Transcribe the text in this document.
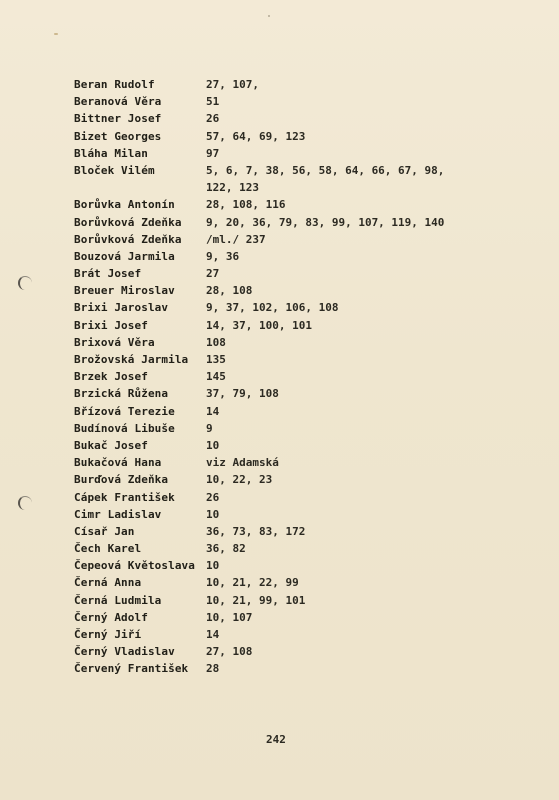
Beran Rudolf	27, 107,
Beranová Věra	51
Bittner Josef	26
Bizet Georges	57, 64, 69, 123
Bláha Milan	97
Bloček Vilém	5, 6, 7, 38, 56, 58, 64, 66, 67, 98,
122, 123
Borůvka Antonín	28, 108, 116
Borůvková Zdeňka	9, 20, 36, 79, 83, 99, 107, 119, 140
Borůvková Zdeňka	/ml./ 237
Bouzová Jarmila	9, 36
Brát Josef	27
Breuer Miroslav	28, 108
Brixi Jaroslav	9, 37, 102, 106, 108
Brixi Josef	14, 37, 100, 101
Brixová Věra	108
Brožovská Jarmila	135
Brzek Josef	145
Brzická Růžena	37, 79, 108
Břízová Terezie	14
Budínová Libuše	9
Bukač Josef	10
Bukačová Hana	viz Adamská
Burďová Zdeňka	10, 22, 23
Cápek František	26
Cimr Ladislav	10
Císař Jan	36, 73, 83, 172
Čech Karel	36, 82
Čepeová Květoslava 10
Černá Anna	10, 21, 22, 99
Černá Ludmila	10, 21, 99, 101
Černý Adolf	10, 107
Černý Jiří	14
Černý Vladislav	27, 108
Červený František	28
242
